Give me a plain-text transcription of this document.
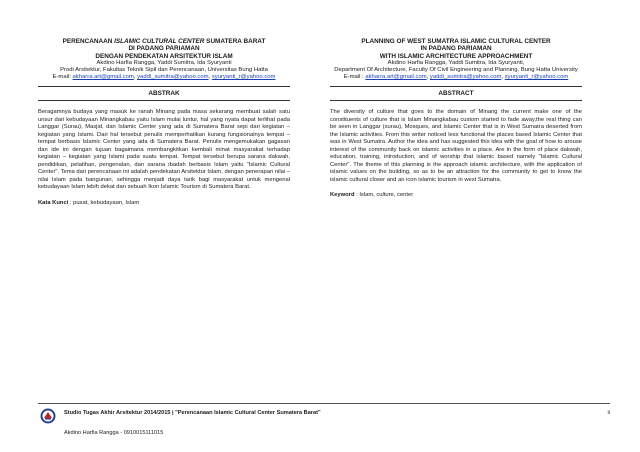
PERENCANAAN ISLAMIC CULTURAL CENTER SUMATERA BARAT
DI PADANG PARIAMAN
DENGAN PENDEKATAN ARSITEKTUR ISLAM

Akdino Harfia Rangga, Yaddi Sumitra, Ida Syuryanti

Prodi Arsitektur, Fakultas Teknik Sipil dan Perencanaan, Universitas Bung Hatta

E-mail: akharra.art@gmail.com, yaddi_sumitra@yahoo.com, syuryanti_r@yahoo.com

ABSTRAK

Beragamnya budaya yang masuk ke ranah Minang pada masa sekarang membuat salah satu unsur dari kebudayaan Minangkabau yaitu Islam mulai luntur, hal yang nyata dapat terlihat pada Langgar (Surau), Masjid, dan Islamic Center yang ada di Sumatera Barat sepi dari kegiatan – kegiatan yang Islami. Dari hal tersebut penulis memperhatikan kurang fungsionalnya tempat – tempat berbasis Islamic Center yang ada di Sumatera Barat. Penulis mengemukakan gagasan dan ide ini dengan tujuan bagaimana membangkitkan kembali minat masyarakat terhadap kegiatan – kegiatan yang Islami pada suatu tempat. Tempat tersebut berupa sarana dakwah, pendidikan, pelatihan, pengenalan, dan sarana ibadah berbasis Islam yaitu "Islamic Cultural Center". Tema dari perencanaan ini adalah pendekatan Arsitektur Islam, dengan penerapan nilai – nilai Islam pada bangunan, sehingga menjadi daya tarik bagi masyarakat untuk mengenal kebudayaan Islam lebih dekat dan sebuah Ikon Islamic Tourism di Sumatera Barat.

Kata Kunci : pusat, kebudayaan, Islam

PLANNING OF WEST SUMATRA ISLAMIC CULTURAL CENTER
IN PADANG PARIAMAN
WITH ISLAMIC ARCHITECTURE APPROACHMENT

Akdino Harfia Rangga, Yaddi Sumitra, Ida Syuryanti,

Department Of Architecture, Faculty Of Civil Engineering and Planning, Bung Hatta University

E-mail : akharra.art@gmail.com, yaddi_sumitra@yahoo.com, syuryanti_r@yahoo.com

ABSTRACT

The diversity of culture that goes to the domain of Minang the current make one of the constituents of culture that is Islam Minangkabau custom started to fade away,the real thing can be seen in Langgar (surau), Mosques, and Islamic Center that is in West Sumatra deserted from the Islamic activities. From this writer noticed less functional the places based Islamic Center that was in West Sumatra. Author the idea and has suggested this idea with the goal of how to arouse interest of the community back on islamic activities in a place. Are in the form of place dakwah, education, training, introduction, and of worship that islamic based namely "Islamic Cultural Center". The theme of this planning is the approach islamic architecture, with the application of islamic values on the building, so as to be an attraction for the community to get to know the islamic cultural closer and an icon islamic tourism in west Sumatra.

Keyword : Islam, culture, center
Studio Tugas Akhir Arsitektur 2014/2015 | "Perencanaan Islamic Cultural Center Sumatera Barat"
Akdino Harfia Rangga - 0910015111015
ii
